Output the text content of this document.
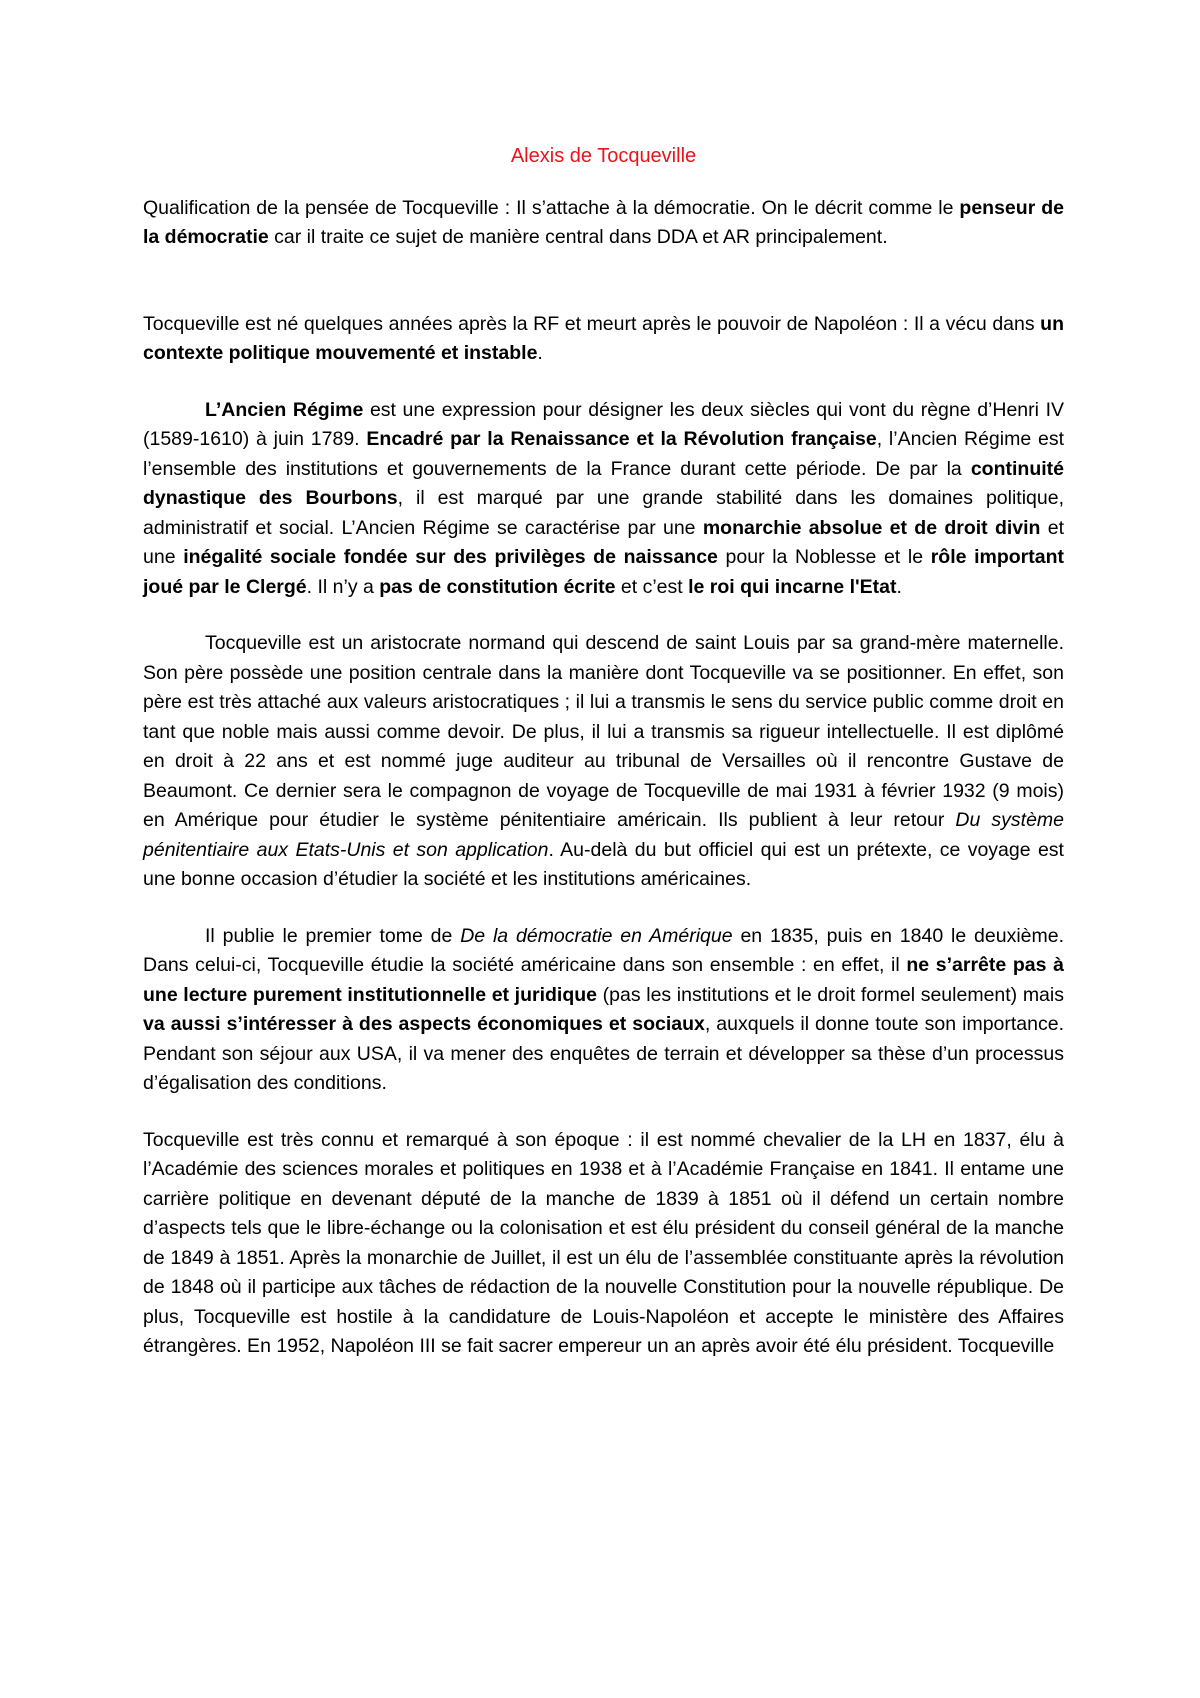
Alexis de Tocqueville

Qualification de la pensée de Tocqueville : Il s’attache à la démocratie. On le décrit comme le penseur de la démocratie car il traite ce sujet de manière central dans DDA et AR principalement.

Tocqueville est né quelques années après la RF et meurt après le pouvoir de Napoléon : Il a vécu dans un contexte politique mouvementé et instable.

L’Ancien Régime est une expression pour désigner les deux siècles qui vont du règne d’Henri IV (1589-1610) à juin 1789. Encadré par la Renaissance et la Révolution française, l’Ancien Régime est l’ensemble des institutions et gouvernements de la France durant cette période. De par la continuité dynastique des Bourbons, il est marqué par une grande stabilité dans les domaines politique, administratif et social. L’Ancien Régime se caractérise par une monarchie absolue et de droit divin et une inégalité sociale fondée sur des privilèges de naissance pour la Noblesse et le rôle important joué par le Clergé. Il n’y a pas de constitution écrite et c’est le roi qui incarne l'Etat.

Tocqueville est un aristocrate normand qui descend de saint Louis par sa grand-mère maternelle. Son père possède une position centrale dans la manière dont Tocqueville va se positionner. En effet, son père est très attaché aux valeurs aristocratiques ; il lui a transmis le sens du service public comme droit en tant que noble mais aussi comme devoir. De plus, il lui a transmis sa rigueur intellectuelle. Il est diplômé en droit à 22 ans et est nommé juge auditeur au tribunal de Versailles où il rencontre Gustave de Beaumont. Ce dernier sera le compagnon de voyage de Tocqueville de mai 1931 à février 1932 (9 mois) en Amérique pour étudier le système pénitentiaire américain. Ils publient à leur retour Du système pénitentiaire aux Etats-Unis et son application. Au-delà du but officiel qui est un prétexte, ce voyage est une bonne occasion d’étudier la société et les institutions américaines.

Il publie le premier tome de De la démocratie en Amérique en 1835, puis en 1840 le deuxième. Dans celui-ci, Tocqueville étudie la société américaine dans son ensemble : en effet, il ne s’arrête pas à une lecture purement institutionnelle et juridique (pas les institutions et le droit formel seulement) mais va aussi s’intéresser à des aspects économiques et sociaux, auxquels il donne toute son importance. Pendant son séjour aux USA, il va mener des enquêtes de terrain et développer sa thèse d’un processus d’égalisation des conditions.

Tocqueville est très connu et remarqué à son époque : il est nommé chevalier de la LH en 1837, élu à l’Académie des sciences morales et politiques en 1938 et à l’Académie Française en 1841. Il entame une carrière politique en devenant député de la manche de 1839 à 1851 où il défend un certain nombre d’aspects tels que le libre-échange ou la colonisation et est élu président du conseil général de la manche de 1849 à 1851. Après la monarchie de Juillet, il est un élu de l’assemblée constituante après la révolution de 1848 où il participe aux tâches de rédaction de la nouvelle Constitution pour la nouvelle république. De plus, Tocqueville est hostile à la candidature de Louis-Napoléon et accepte le ministère des Affaires étrangères. En 1952, Napoléon III se fait sacrer empereur un an après avoir été élu président. Tocqueville
